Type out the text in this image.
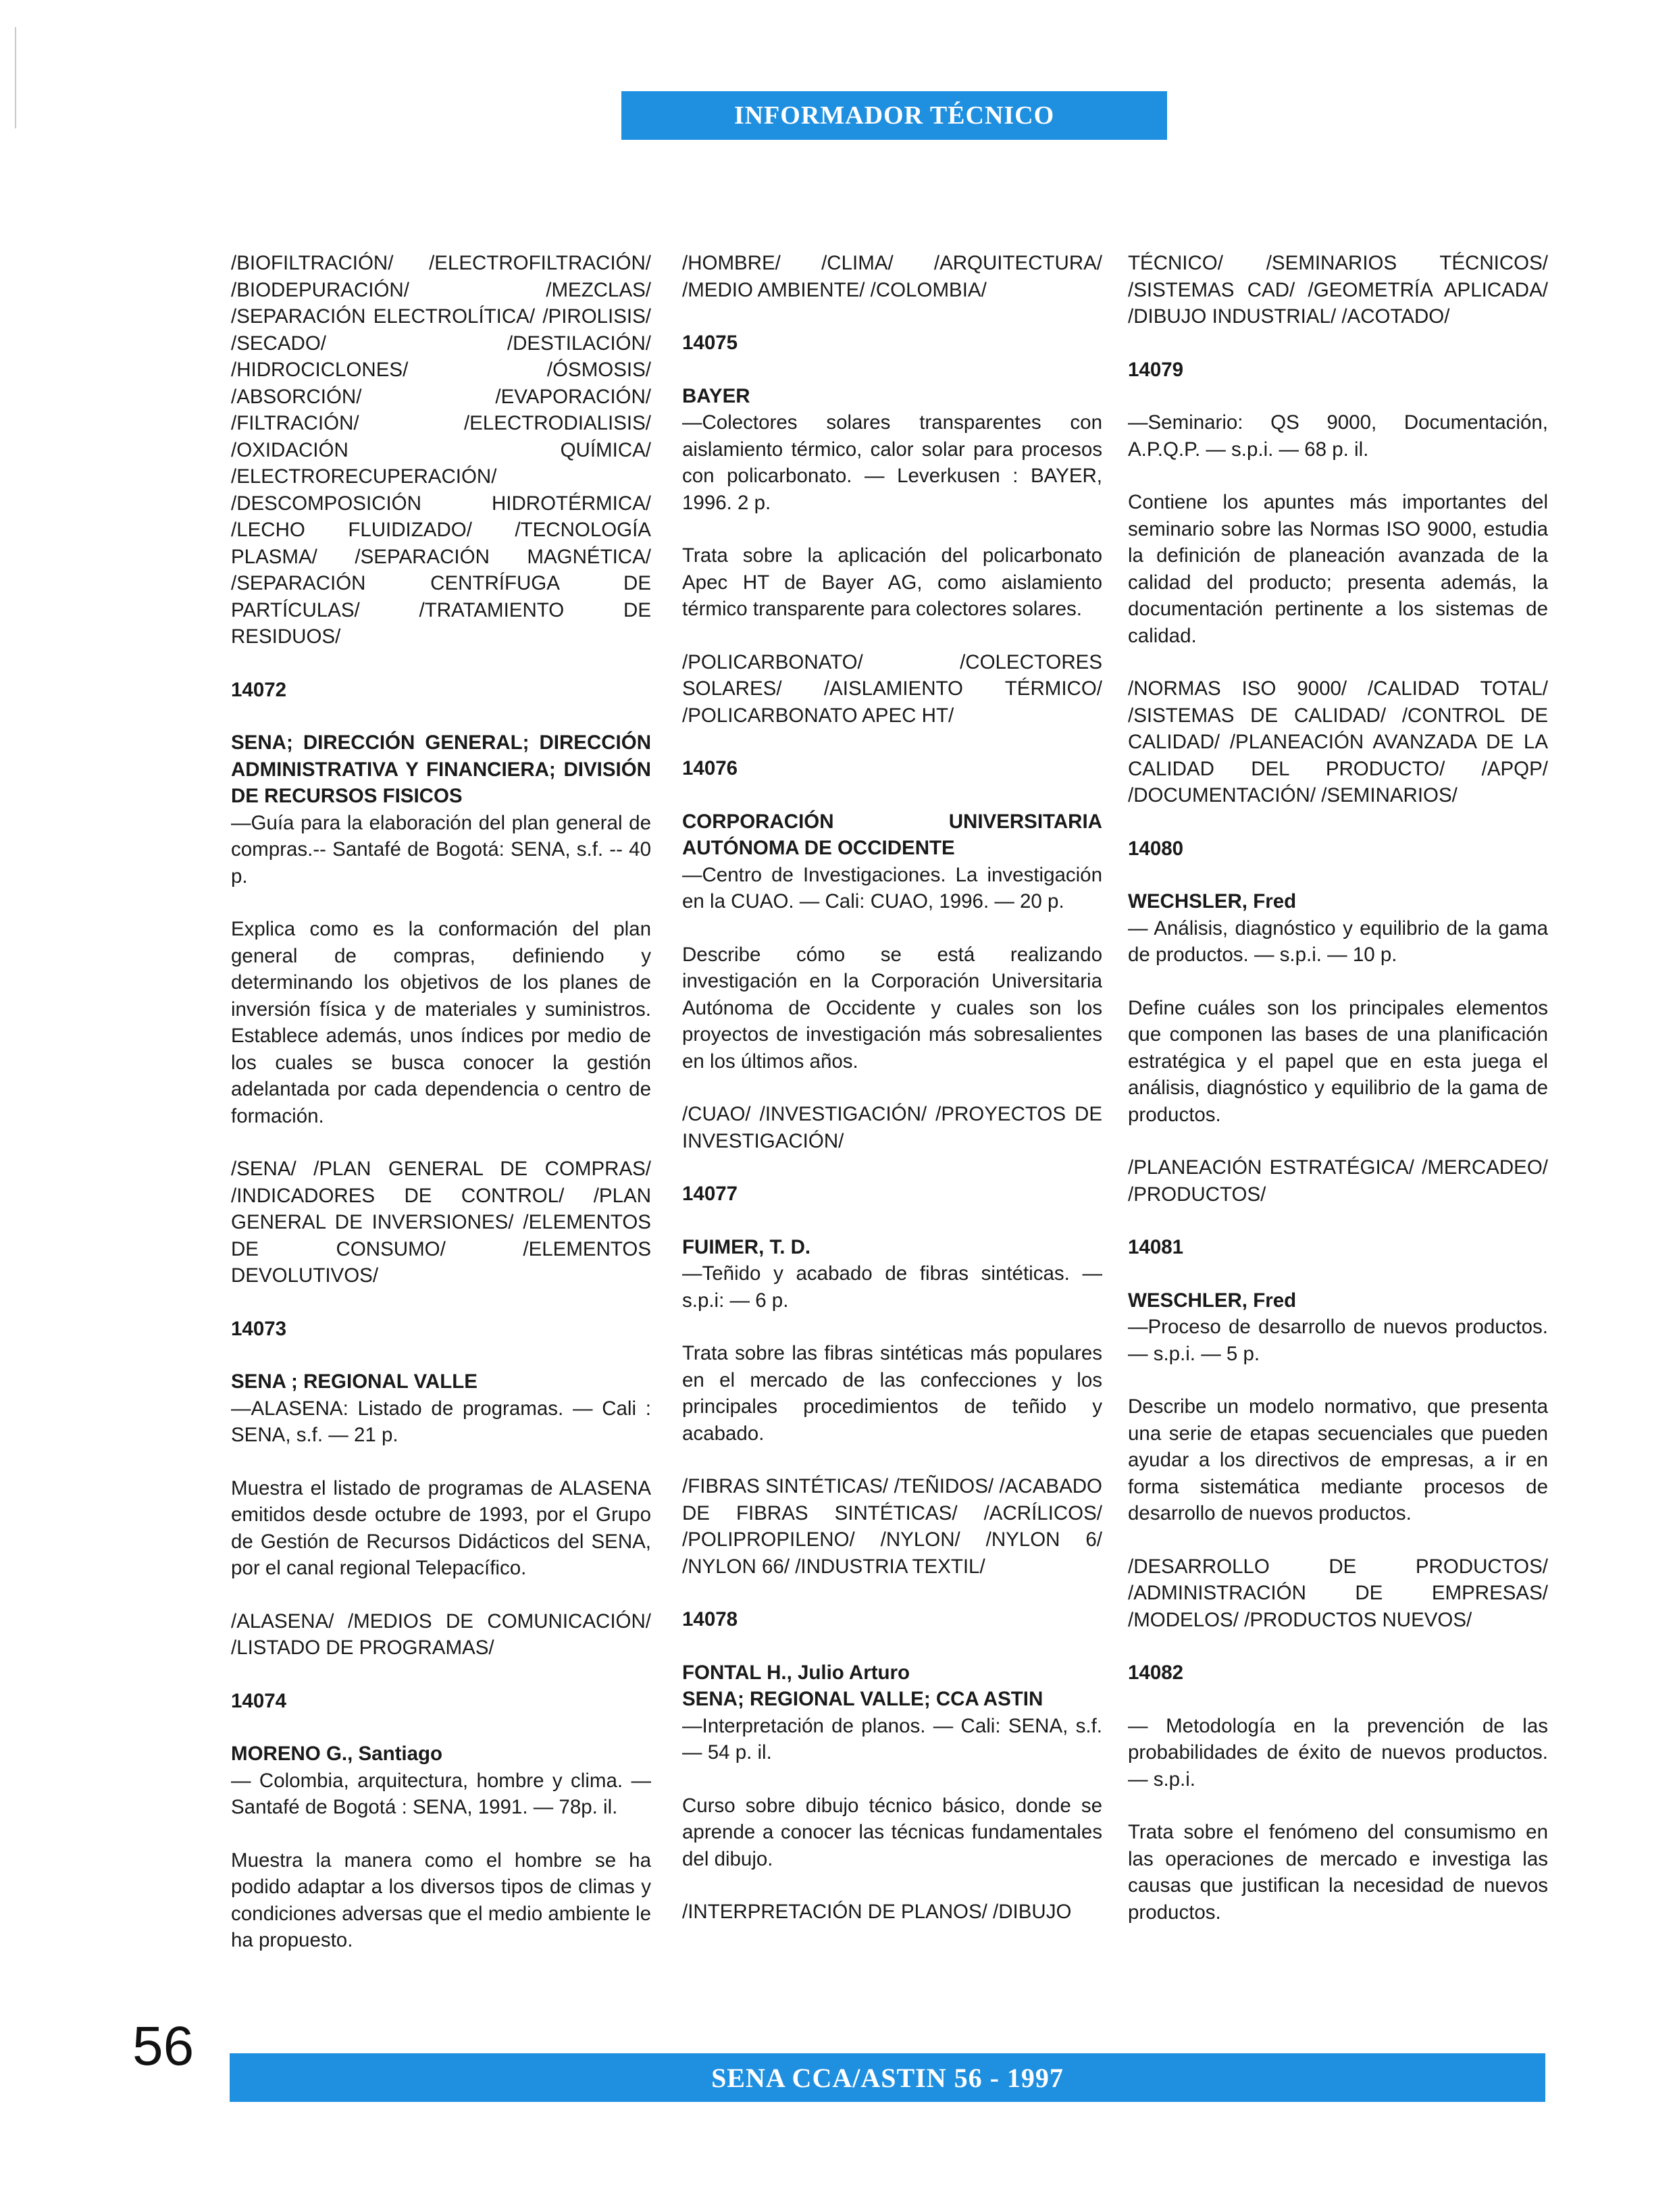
INFORMADOR TÉCNICO

/BIOFILTRACIÓN/ /ELECTROFILTRACIÓN/ /BIODEPURACIÓN/ /MEZCLAS/ /SEPARACIÓN ELECTROLÍTICA/ /PIROLISIS/ /SECADO/ /DESTILACIÓN/ /HIDROCICLONES/ /ÓSMOSIS/ /ABSORCIÓN/ /EVAPORACIÓN/ /FILTRACIÓN/ /ELECTRODIALISIS/ /OXIDACIÓN QUÍMICA/ /ELECTRORECUPERACIÓN/ /DESCOMPOSICIÓN HIDROTÉRMICA/ /LECHO FLUIDIZADO/ /TECNOLOGÍA PLASMA/ /SEPARACIÓN MAGNÉTICA/ /SEPARACIÓN CENTRÍFUGA DE PARTÍCULAS/ /TRATAMIENTO DE RESIDUOS/

14072

SENA; DIRECCIÓN GENERAL; DIRECCIÓN ADMINISTRATIVA Y FINANCIERA; DIVISIÓN DE RECURSOS FISICOS

—Guía para la elaboración del plan general de compras.-- Santafé de Bogotá: SENA, s.f. -- 40 p.

Explica como es la conformación del plan general de compras, definiendo y determinando los objetivos de los planes de inversión física y de materiales y suministros. Establece además, unos índices por medio de los cuales se busca conocer la gestión adelantada por cada dependencia o centro de formación.

/SENA/ /PLAN GENERAL DE COMPRAS/ /INDICADORES DE CONTROL/ /PLAN GENERAL DE INVERSIONES/ /ELEMENTOS DE CONSUMO/ /ELEMENTOS DEVOLUTIVOS/

14073

SENA ; REGIONAL VALLE

—ALASENA: Listado de programas. — Cali : SENA, s.f. — 21 p.

Muestra el listado de programas de ALASENA emitidos desde octubre de 1993, por el Grupo de Gestión de Recursos Didácticos del SENA, por el canal regional Telepacífico.

/ALASENA/ /MEDIOS DE COMUNICACIÓN/ /LISTADO DE PROGRAMAS/

14074

MORENO G., Santiago

— Colombia, arquitectura, hombre y clima. — Santafé de Bogotá : SENA, 1991. — 78p. il.

Muestra la manera como el hombre se ha podido adaptar a los diversos tipos de climas y condiciones adversas que el medio ambiente le ha propuesto.

/HOMBRE/ /CLIMA/ /ARQUITECTURA/ /MEDIO AMBIENTE/ /COLOMBIA/

14075

BAYER

—Colectores solares transparentes con aislamiento térmico, calor solar para procesos con policarbonato. — Leverkusen : BAYER, 1996. 2 p.

Trata sobre la aplicación del policarbonato Apec HT de Bayer AG, como aislamiento térmico transparente para colectores solares.

/POLICARBONATO/ /COLECTORES SOLARES/ /AISLAMIENTO TÉRMICO/ /POLICARBONATO APEC HT/

14076

CORPORACIÓN UNIVERSITARIA AUTÓNOMA DE OCCIDENTE

—Centro de Investigaciones. La investigación en la CUAO. — Cali: CUAO, 1996. — 20 p.

Describe cómo se está realizando investigación en la Corporación Universitaria Autónoma de Occidente y cuales son los proyectos de investigación más sobresalientes en los últimos años.

/CUAO/ /INVESTIGACIÓN/ /PROYECTOS DE INVESTIGACIÓN/

14077

FUIMER, T. D.

—Teñido y acabado de fibras sintéticas. — s.p.i: — 6 p.

Trata sobre las fibras sintéticas más populares en el mercado de las confecciones y los principales procedimientos de teñido y acabado.

/FIBRAS SINTÉTICAS/ /TEÑIDOS/ /ACABADO DE FIBRAS SINTÉTICAS/ /ACRÍLICOS/ /POLIPROPILENO/ /NYLON/ /NYLON 6/ /NYLON 66/ /INDUSTRIA TEXTIL/

14078

FONTAL H., Julio Arturo

SENA; REGIONAL VALLE; CCA ASTIN

—Interpretación de planos. — Cali: SENA, s.f. — 54 p. il.

Curso sobre dibujo técnico básico, donde se aprende a conocer las técnicas fundamentales del dibujo.

/INTERPRETACIÓN DE PLANOS/ /DIBUJO

TÉCNICO/ /SEMINARIOS TÉCNICOS/ /SISTEMAS CAD/ /GEOMETRÍA APLICADA/ /DIBUJO INDUSTRIAL/ /ACOTADO/

14079

—Seminario: QS 9000, Documentación, A.P.Q.P. — s.p.i. — 68 p. il.

Contiene los apuntes más importantes del seminario sobre las Normas ISO 9000, estudia la definición de planeación avanzada de la calidad del producto; presenta además, la documentación pertinente a los sistemas de calidad.

/NORMAS ISO 9000/ /CALIDAD TOTAL/ /SISTEMAS DE CALIDAD/ /CONTROL DE CALIDAD/ /PLANEACIÓN AVANZADA DE LA CALIDAD DEL PRODUCTO/ /APQP/ /DOCUMENTACIÓN/ /SEMINARIOS/

14080

WECHSLER, Fred

— Análisis, diagnóstico y equilibrio de la gama de productos. — s.p.i. — 10 p.

Define cuáles son los principales elementos que componen las bases de una planificación estratégica y el papel que en esta juega el análisis, diagnóstico y equilibrio de la gama de productos.

/PLANEACIÓN ESTRATÉGICA/ /MERCADEO/ /PRODUCTOS/

14081

WESCHLER, Fred

—Proceso de desarrollo de nuevos productos. — s.p.i. — 5 p.

Describe un modelo normativo, que presenta una serie de etapas secuenciales que pueden ayudar a los directivos de empresas, a ir en forma sistemática mediante procesos de desarrollo de nuevos productos.

/DESARROLLO DE PRODUCTOS/ /ADMINISTRACIÓN DE EMPRESAS/ /MODELOS/ /PRODUCTOS NUEVOS/

14082

— Metodología en la prevención de las probabilidades de éxito de nuevos productos. — s.p.i.

Trata sobre el fenómeno del consumismo en las operaciones de mercado e investiga las causas que justifican la necesidad de nuevos productos.

56
SENA CCA/ASTIN 56 - 1997
